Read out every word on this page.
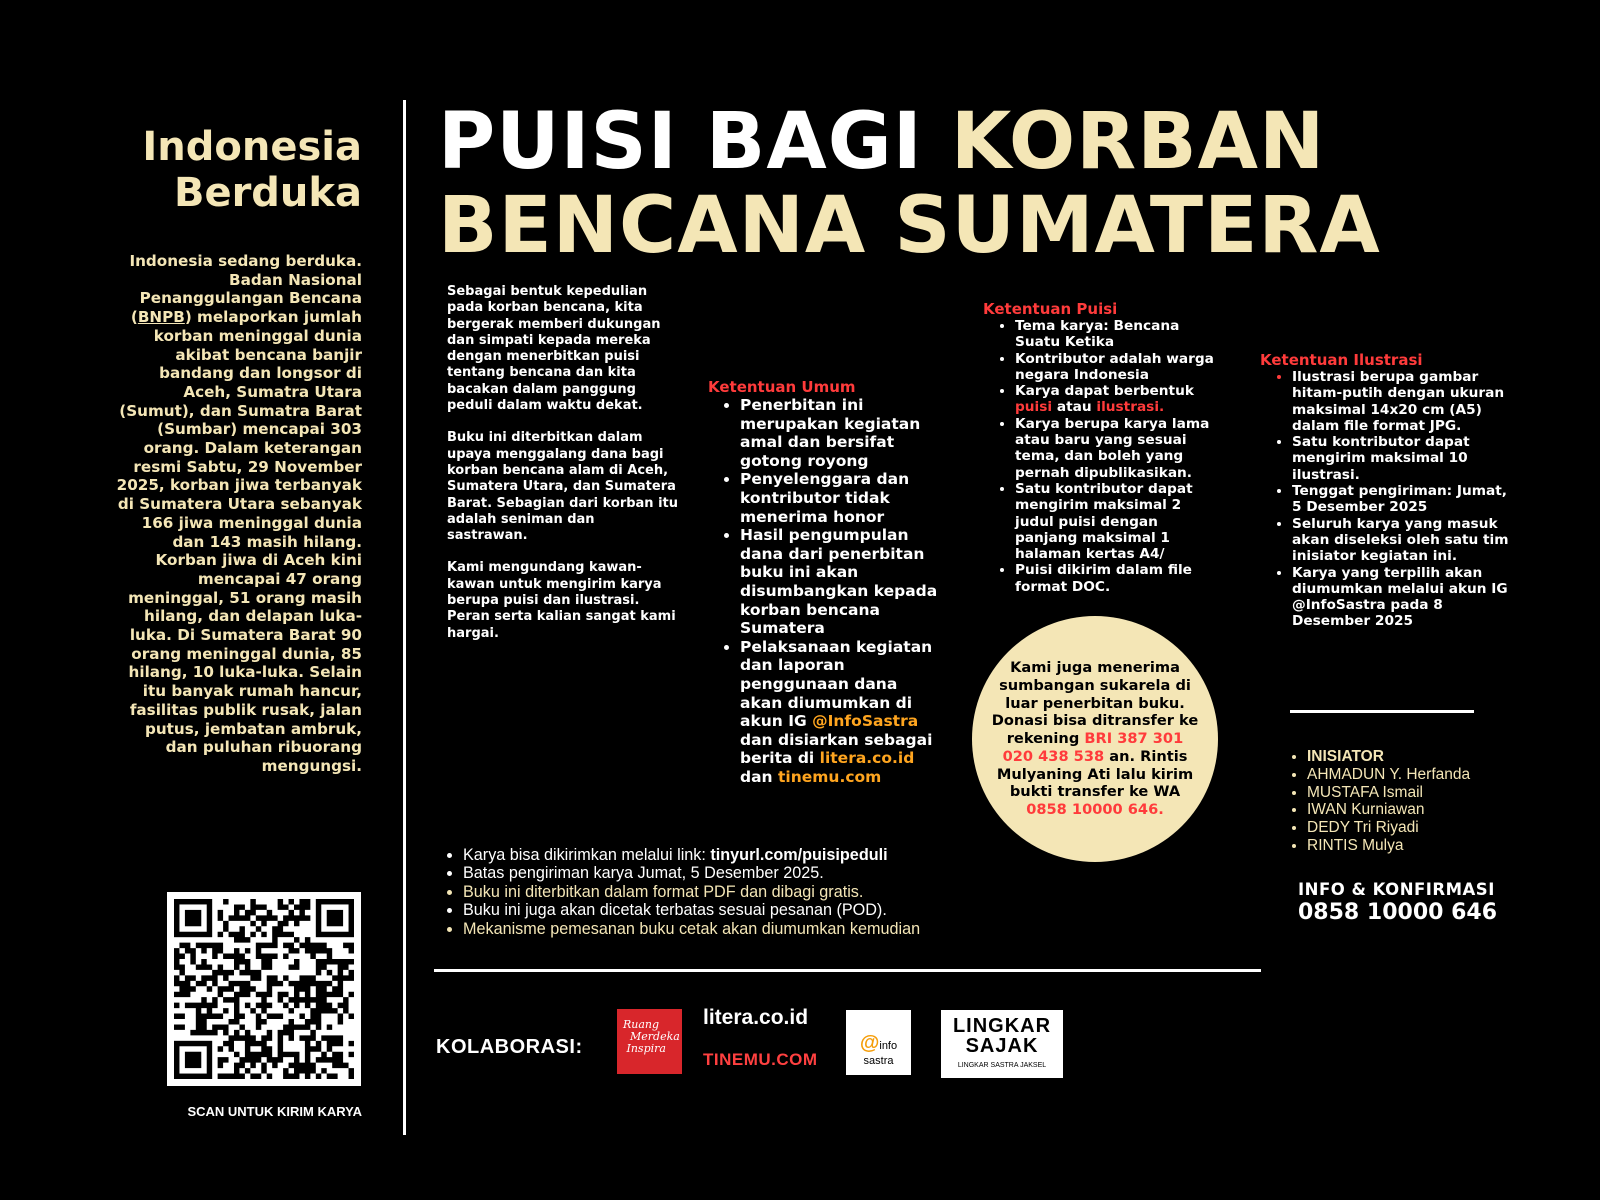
Indonesia
Berduka
Indonesia sedang berduka. Badan Nasional Penanggulangan Bencana (BNPB) melaporkan jumlah korban meninggal dunia akibat bencana banjir bandang dan longsor di Aceh, Sumatra Utara (Sumut), dan Sumatra Barat (Sumbar) mencapai 303 orang. Dalam keterangan resmi Sabtu, 29 November 2025, korban jiwa terbanyak di Sumatera Utara sebanyak 166 jiwa meninggal dunia dan 143 masih hilang. Korban jiwa di Aceh kini mencapai 47 orang meninggal, 51 orang masih hilang, dan delapan luka-luka. Di Sumatera Barat 90 orang meninggal dunia, 85 hilang, 10 luka-luka. Selain itu banyak rumah hancur, fasilitas publik rusak, jalan putus, jembatan ambruk, dan puluhan ribuorang mengungsi.
SCAN UNTUK KIRIM KARYA
PUISI BAGI KORBAN
BENCANA SUMATERA

Sebagai bentuk kepedulian pada korban bencana, kita bergerak memberi dukungan dan simpati kepada mereka dengan menerbitkan puisi tentang bencana dan kita bacakan dalam panggung peduli dalam waktu dekat.

Buku ini diterbitkan dalam upaya menggalang dana bagi korban bencana alam di Aceh, Sumatera Utara, dan Sumatera Barat. Sebagian dari korban itu adalah seniman dan sastrawan.

Kami mengundang kawan-kawan untuk mengirim karya berupa puisi dan ilustrasi. Peran serta kalian sangat kami hargai.

Ketentuan Umum
• Penerbitan ini merupakan kegiatan amal dan bersifat gotong royong
• Penyelenggara dan kontributor tidak menerima honor
• Hasil pengumpulan dana dari penerbitan buku ini akan disumbangkan kepada korban bencana Sumatera
• Pelaksanaan kegiatan dan laporan penggunaan dana akan diumumkan di akun IG @InfoSastra dan disiarkan sebagai berita di litera.co.id dan tinemu.com
Ketentuan Puisi
• Tema karya: Bencana Suatu Ketika
• Kontributor adalah warga negara Indonesia
• Karya dapat berbentuk puisi atau ilustrasi.
• Karya berupa karya lama atau baru yang sesuai tema, dan boleh yang pernah dipublikasikan.
• Satu kontributor dapat mengirim maksimal 2 judul puisi dengan panjang maksimal 1 halaman kertas A4/
• Puisi dikirim dalam file format DOC.
Ketentuan Ilustrasi
• Ilustrasi berupa gambar hitam-putih dengan ukuran maksimal 14x20 cm (A5) dalam file format JPG.
• Satu kontributor dapat mengirim maksimal 10 ilustrasi.
• Tenggat pengiriman: Jumat, 5 Desember 2025
• Seluruh karya yang masuk akan diseleksi oleh satu tim inisiator kegiatan ini.
• Karya yang terpilih akan diumumkan melalui akun IG @InfoSastra pada 8 Desember 2025
Kami juga menerima sumbangan sukarela di luar penerbitan buku. Donasi bisa ditransfer ke rekening BRI 387 301 020 438 538 an. Rintis Mulyaning Ati lalu kirim bukti transfer ke WA 0858 10000 646.
• INISIATOR
• AHMADUN Y. Herfanda
• MUSTAFA Ismail
• IWAN Kurniawan
• DEDY Tri Riyadi
• RINTIS Mulya
INFO & KONFIRMASI
0858 10000 646
• Karya bisa dikirimkan melalui link: tinyurl.com/puisipeduli
• Batas pengiriman karya Jumat, 5 Desember 2025.
• Buku ini diterbitkan dalam format PDF dan dibagi gratis.
• Buku ini juga akan dicetak terbatas sesuai pesanan (POD).
• Mekanisme pemesanan buku cetak akan diumumkan kemudian
KOLABORASI:
Ruang
Merdeka
Inspira
litera.co.id
TINEMU.COM
@info sastra
LINGKAR
SAJAK
LINGKAR SASTRA JAKSEL
